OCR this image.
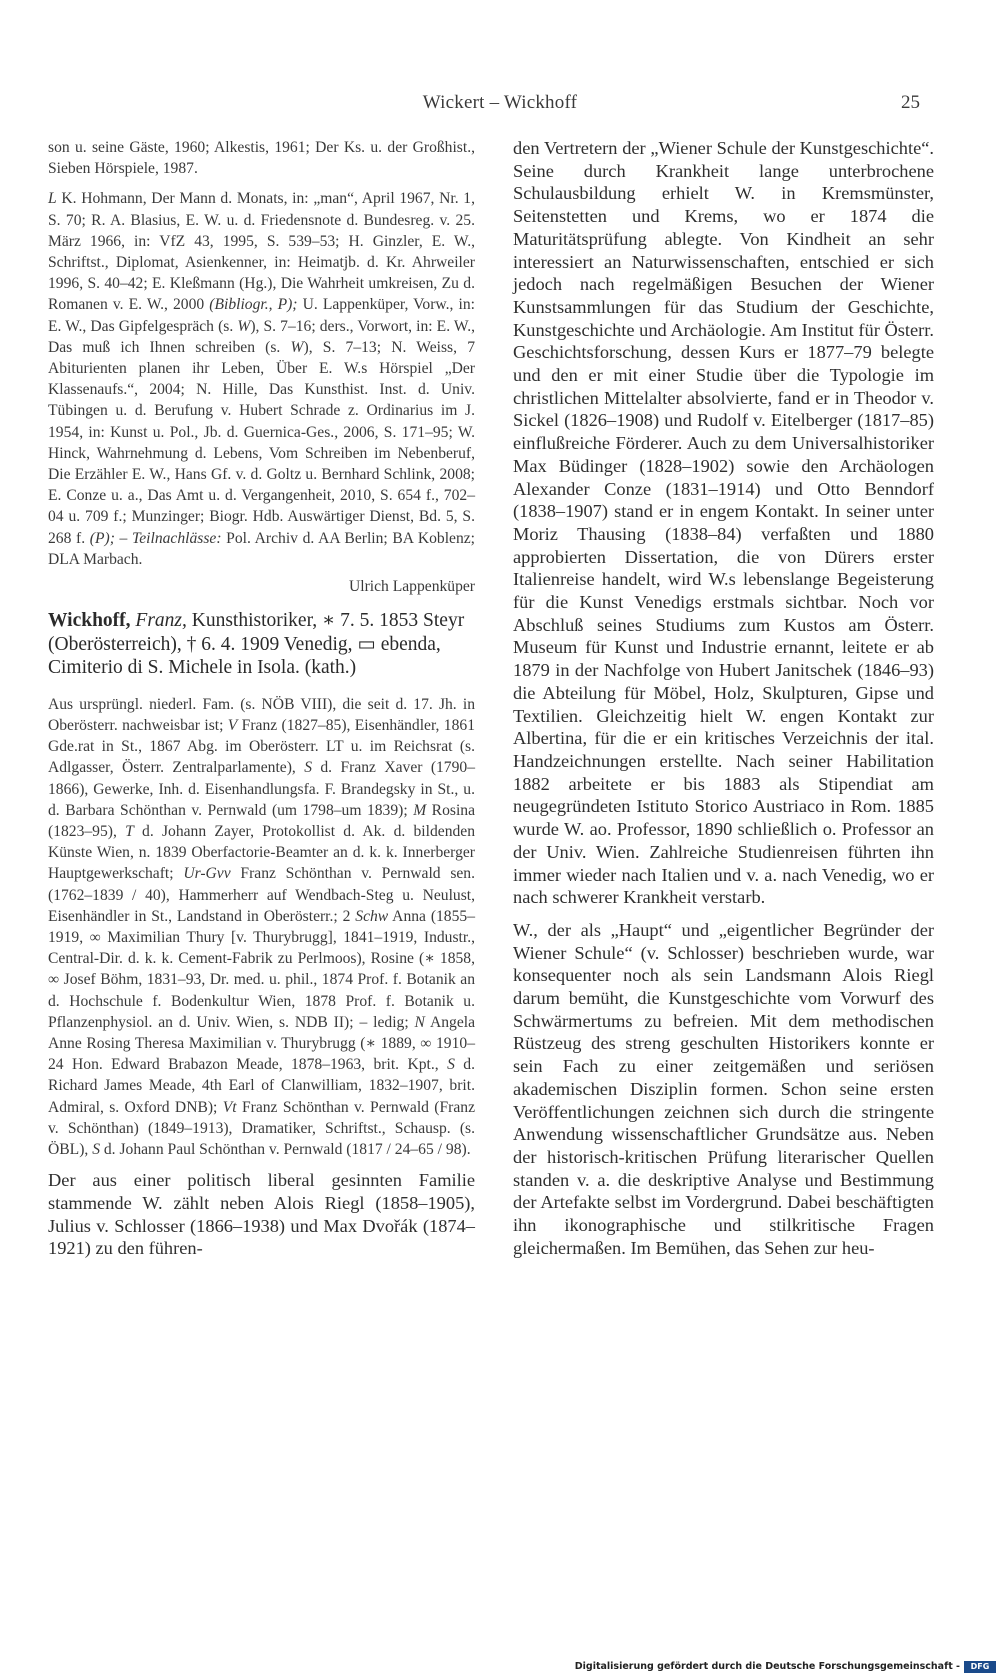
Wickert – Wickhoff	25

son u. seine Gäste, 1960; Alkestis, 1961; Der Ks. u. der Großhist., Sieben Hörspiele, 1987.

L K. Hohmann, Der Mann d. Monats, in: „man“, April 1967, Nr. 1, S. 70; R. A. Blasius, E. W. u. d. Friedensnote d. Bundesreg. v. 25. März 1966, in: VfZ 43, 1995, S. 539–53; H. Ginzler, E. W., Schriftst., Diplomat, Asienkenner, in: Heimatjb. d. Kr. Ahrweiler 1996, S. 40–42; E. Kleßmann (Hg.), Die Wahrheit umkreisen, Zu d. Romanen v. E. W., 2000 (Bibliogr., P); U. Lappenküper, Vorw., in: E. W., Das Gipfelgespräch (s. W), S. 7–16; ders., Vorwort, in: E. W., Das muß ich Ihnen schreiben (s. W), S. 7–13; N. Weiss, 7 Abiturienten planen ihr Leben, Über E. W.s Hörspiel „Der Klassenaufs.“, 2004; N. Hille, Das Kunsthist. Inst. d. Univ. Tübingen u. d. Berufung v. Hubert Schrade z. Ordinarius im J. 1954, in: Kunst u. Pol., Jb. d. Guernica-Ges., 2006, S. 171–95; W. Hinck, Wahrnehmung d. Lebens, Vom Schreiben im Nebenberuf, Die Erzähler E. W., Hans Gf. v. d. Goltz u. Bernhard Schlink, 2008; E. Conze u. a., Das Amt u. d. Vergangenheit, 2010, S. 654 f., 702–04 u. 709 f.; Munzinger; Biogr. Hdb. Auswärtiger Dienst, Bd. 5, S. 268 f. (P); – Teilnachlässe: Pol. Archiv d. AA Berlin; BA Koblenz; DLA Marbach.

Ulrich Lappenküper

Wickhoff, Franz, Kunsthistoriker, ∗ 7. 5. 1853 Steyr (Oberösterreich), † 6. 4. 1909 Venedig, ▭ ebenda, Cimiterio di S. Michele in Isola. (kath.)

Aus ursprüngl. niederl. Fam. (s. NÖB VIII), die seit d. 17. Jh. in Oberösterr. nachweisbar ist; V Franz (1827–85), Eisenhändler, 1861 Gde.rat in St., 1867 Abg. im Oberösterr. LT u. im Reichsrat (s. Adlgasser, Österr. Zentralparlamente), S d. Franz Xaver (1790–1866), Gewerke, Inh. d. Eisenhandlungsfa. F. Brandegsky in St., u. d. Barbara Schönthan v. Pernwald (um 1798–um 1839); M Rosina (1823–95), T d. Johann Zayer, Protokollist d. Ak. d. bildenden Künste Wien, n. 1839 Oberfactorie-Beamter an d. k. k. Innerberger Hauptgewerkschaft; Ur-Gvv Franz Schönthan v. Pernwald sen. (1762–1839 / 40), Hammerherr auf Wendbach-Steg u. Neulust, Eisenhändler in St., Landstand in Oberösterr.; 2 Schw Anna (1855–1919, ∞ Maximilian Thury [v. Thurybrugg], 1841–1919, Industr., Central-Dir. d. k. k. Cement-Fabrik zu Perlmoos), Rosine (∗ 1858, ∞ Josef Böhm, 1831–93, Dr. med. u. phil., 1874 Prof. f. Botanik an d. Hochschule f. Bodenkultur Wien, 1878 Prof. f. Botanik u. Pflanzenphysiol. an d. Univ. Wien, s. NDB II); – ledig; N Angela Anne Rosing Theresa Maximilian v. Thurybrugg (∗ 1889, ∞ 1910–24 Hon. Edward Brabazon Meade, 1878–1963, brit. Kpt., S d. Richard James Meade, 4th Earl of Clanwilliam, 1832–1907, brit. Admiral, s. Oxford DNB); Vt Franz Schönthan v. Pernwald (Franz v. Schönthan) (1849–1913), Dramatiker, Schriftst., Schausp. (s. ÖBL), S d. Johann Paul Schönthan v. Pernwald (1817 / 24–65 / 98).

Der aus einer politisch liberal gesinnten Familie stammende W. zählt neben Alois Riegl (1858–1905), Julius v. Schlosser (1866–1938) und Max Dvořák (1874–1921) zu den führen-

den Vertretern der „Wiener Schule der Kunstgeschichte“. Seine durch Krankheit lange unterbrochene Schulausbildung erhielt W. in Kremsmünster, Seitenstetten und Krems, wo er 1874 die Maturitätsprüfung ablegte. Von Kindheit an sehr interessiert an Naturwissenschaften, entschied er sich jedoch nach regelmäßigen Besuchen der Wiener Kunstsammlungen für das Studium der Geschichte, Kunstgeschichte und Archäologie. Am Institut für Österr. Geschichtsforschung, dessen Kurs er 1877–79 belegte und den er mit einer Studie über die Typologie im christlichen Mittelalter absolvierte, fand er in Theodor v. Sickel (1826–1908) und Rudolf v. Eitelberger (1817–85) einflußreiche Förderer. Auch zu dem Universalhistoriker Max Büdinger (1828–1902) sowie den Archäologen Alexander Conze (1831–1914) und Otto Benndorf (1838–1907) stand er in engem Kontakt. In seiner unter Moriz Thausing (1838–84) verfaßten und 1880 approbierten Dissertation, die von Dürers erster Italienreise handelt, wird W.s lebenslange Begeisterung für die Kunst Venedigs erstmals sichtbar. Noch vor Abschluß seines Studiums zum Kustos am Österr. Museum für Kunst und Industrie ernannt, leitete er ab 1879 in der Nachfolge von Hubert Janitschek (1846–93) die Abteilung für Möbel, Holz, Skulpturen, Gipse und Textilien. Gleichzeitig hielt W. engen Kontakt zur Albertina, für die er ein kritisches Verzeichnis der ital. Handzeichnungen erstellte. Nach seiner Habilitation 1882 arbeitete er bis 1883 als Stipendiat am neugegründeten Istituto Storico Austriaco in Rom. 1885 wurde W. ao. Professor, 1890 schließlich o. Professor an der Univ. Wien. Zahlreiche Studienreisen führten ihn immer wieder nach Italien und v. a. nach Venedig, wo er nach schwerer Krankheit verstarb.

W., der als „Haupt“ und „eigentlicher Begründer der Wiener Schule“ (v. Schlosser) beschrieben wurde, war konsequenter noch als sein Landsmann Alois Riegl darum bemüht, die Kunstgeschichte vom Vorwurf des Schwärmertums zu befreien. Mit dem methodischen Rüstzeug des streng geschulten Historikers konnte er sein Fach zu einer zeitgemäßen und seriösen akademischen Disziplin formen. Schon seine ersten Veröffentlichungen zeichnen sich durch die stringente Anwendung wissenschaftlicher Grundsätze aus. Neben der historisch-kritischen Prüfung literarischer Quellen standen v. a. die deskriptive Analyse und Bestimmung der Artefakte selbst im Vordergrund. Dabei beschäftigten ihn ikonographische und stilkritische Fragen gleichermaßen. Im Bemühen, das Sehen zur heu-

Digitalisierung gefördert durch die Deutsche Forschungsgemeinschaft -	DFG
